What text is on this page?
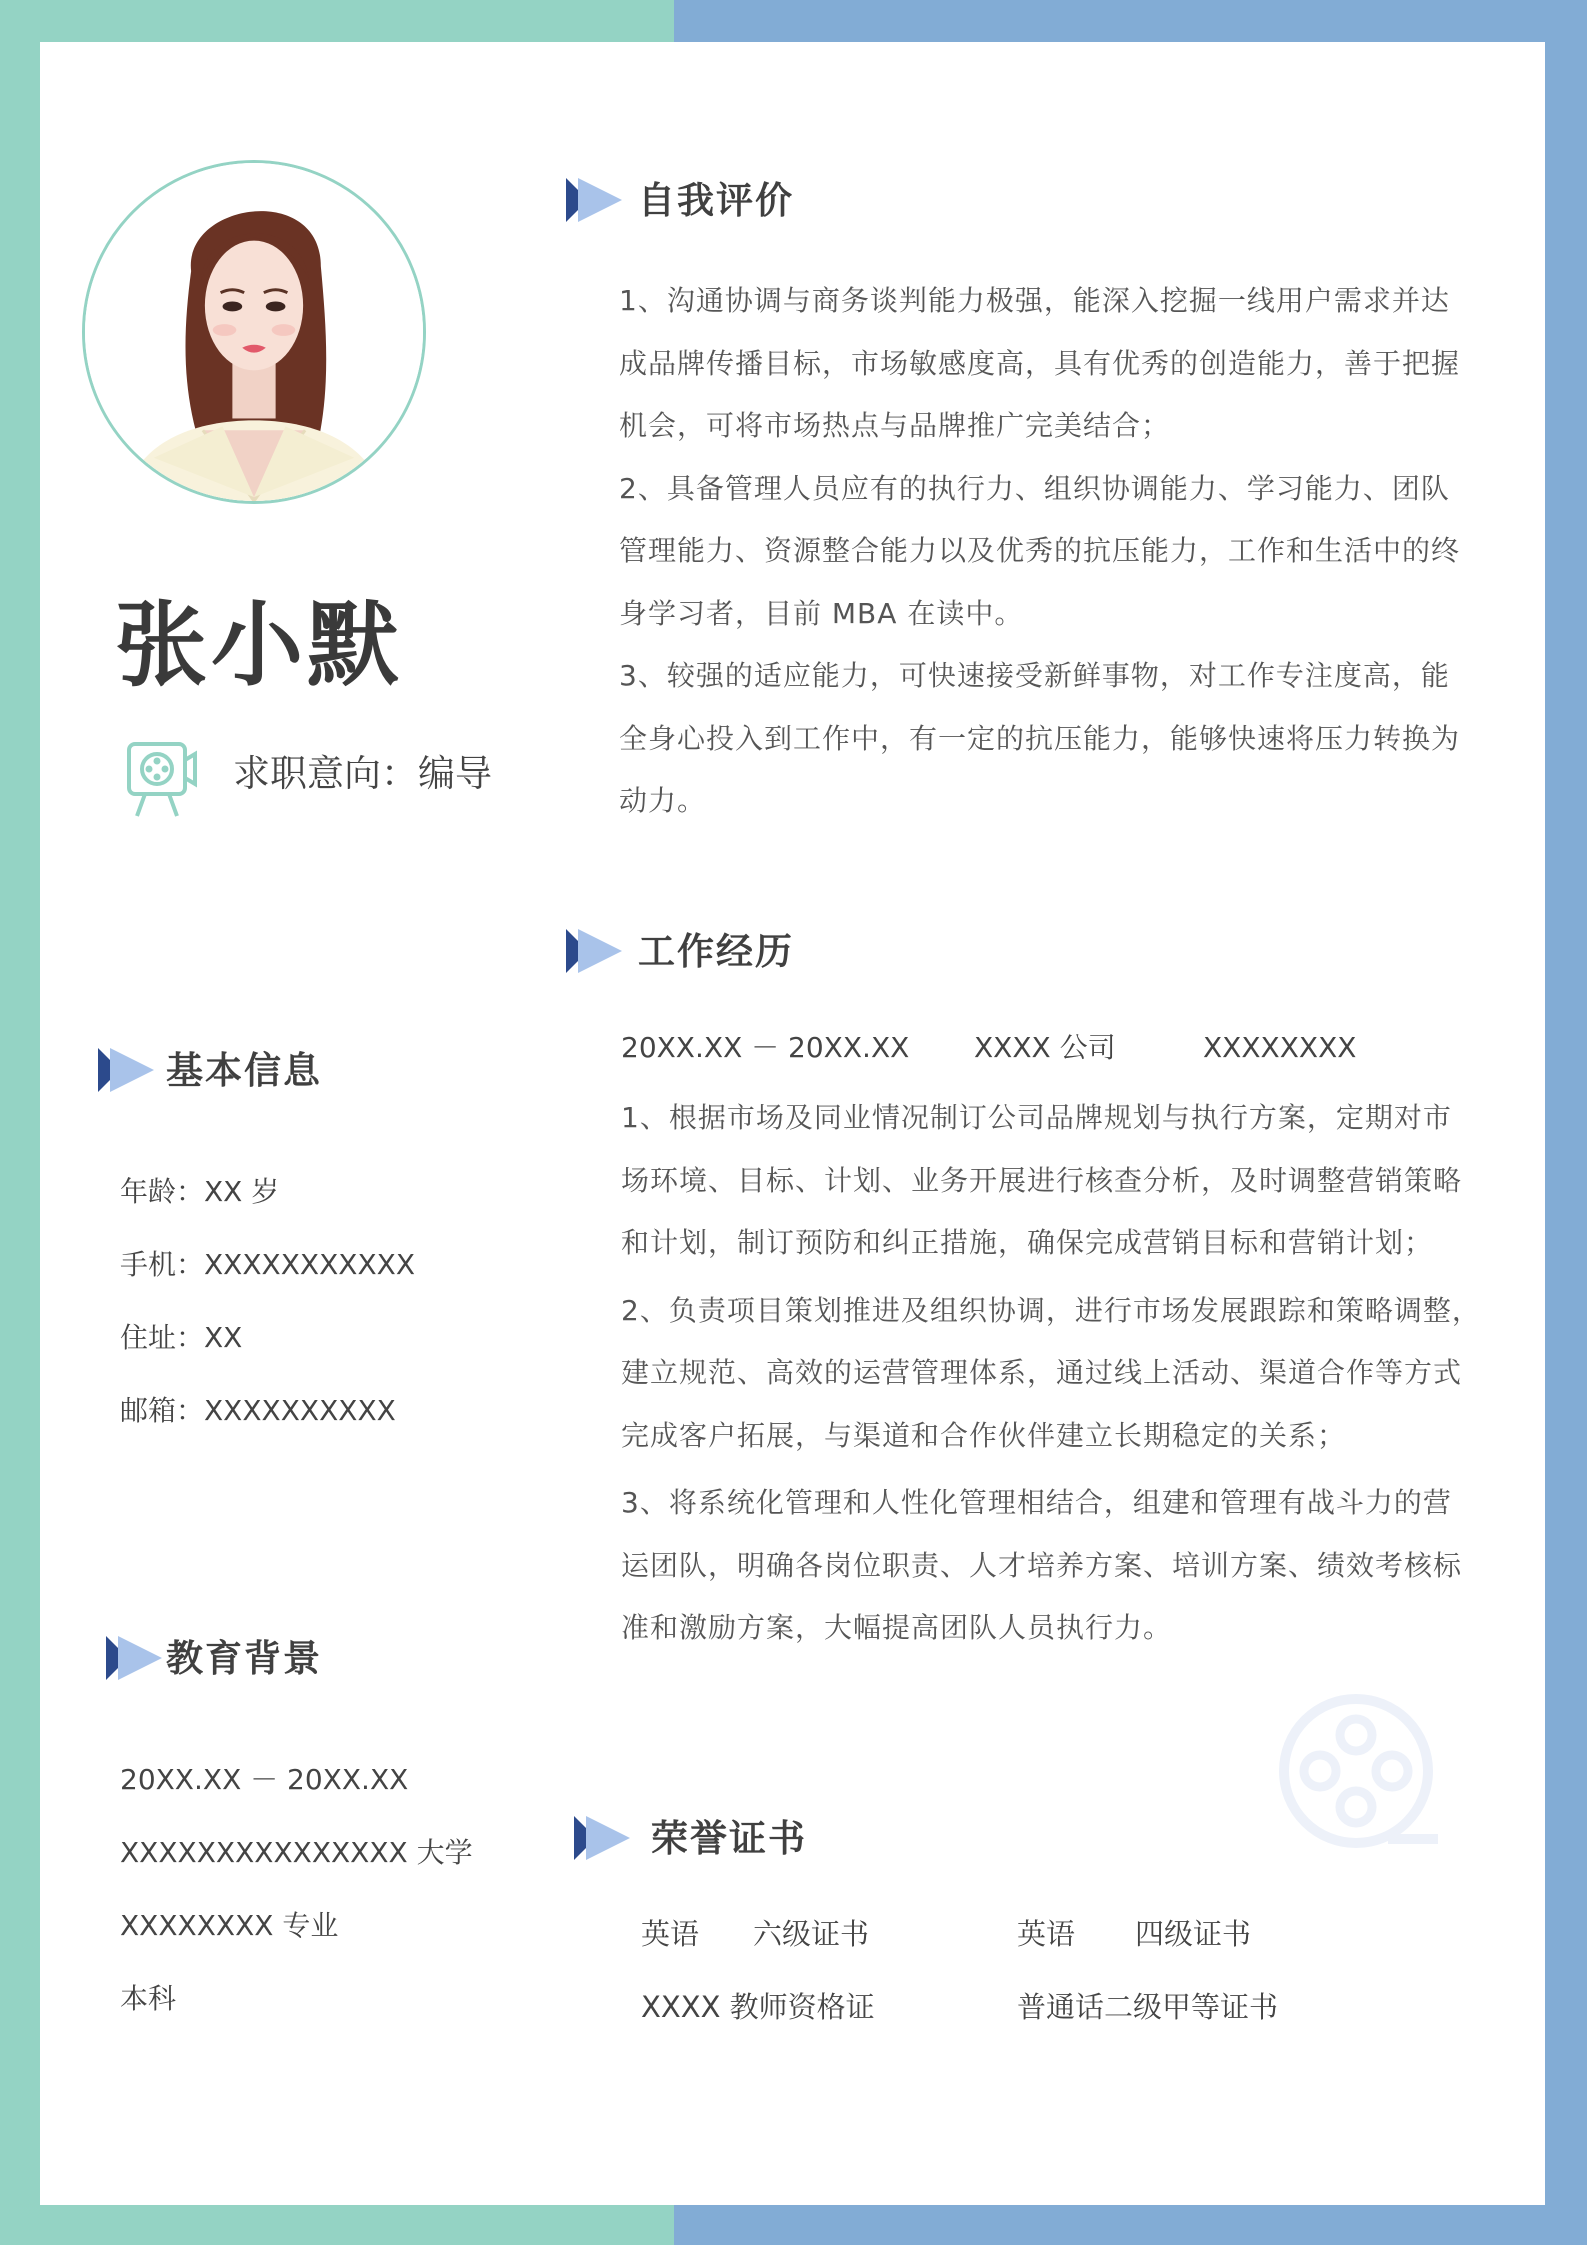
张小默
求职意向：编导
基本信息
年龄：XX 岁
手机：XXXXXXXXXXX
住址：XX
邮箱：XXXXXXXXXX
教育背景
20XX.XX － 20XX.XX
XXXXXXXXXXXXXXX 大学
XXXXXXXX 专业
本科
自我评价
1、沟通协调与商务谈判能力极强，能深入挖掘一线用户需求并达
成品牌传播目标，市场敏感度高，具有优秀的创造能力，善于把握
机会，可将市场热点与品牌推广完美结合；
2、具备管理人员应有的执行力、组织协调能力、学习能力、团队
管理能力、资源整合能力以及优秀的抗压能力，工作和生活中的终
身学习者，目前 MBA 在读中。
3、较强的适应能力，可快速接受新鲜事物，对工作专注度高，能
全身心投入到工作中，有一定的抗压能力，能够快速将压力转换为
动力。
工作经历
20XX.XX － 20XX.XX XXXX 公司	XXXXXXXX
1、根据市场及同业情况制订公司品牌规划与执行方案，定期对市
场环境、目标、计划、业务开展进行核查分析，及时调整营销策略
和计划，制订预防和纠正措施，确保完成营销目标和营销计划；
2、负责项目策划推进及组织协调，进行市场发展跟踪和策略调整，
建立规范、高效的运营管理体系，通过线上活动、渠道合作等方式
完成客户拓展，与渠道和合作伙伴建立长期稳定的关系；
3、将系统化管理和人性化管理相结合，组建和管理有战斗力的营
运团队，明确各岗位职责、人才培养方案、培训方案、绩效考核标
准和激励方案，大幅提高团队人员执行力。
荣誉证书
英语 六级证书	英语 四级证书
XXXX 教师资格证	普通话二级甲等证书
